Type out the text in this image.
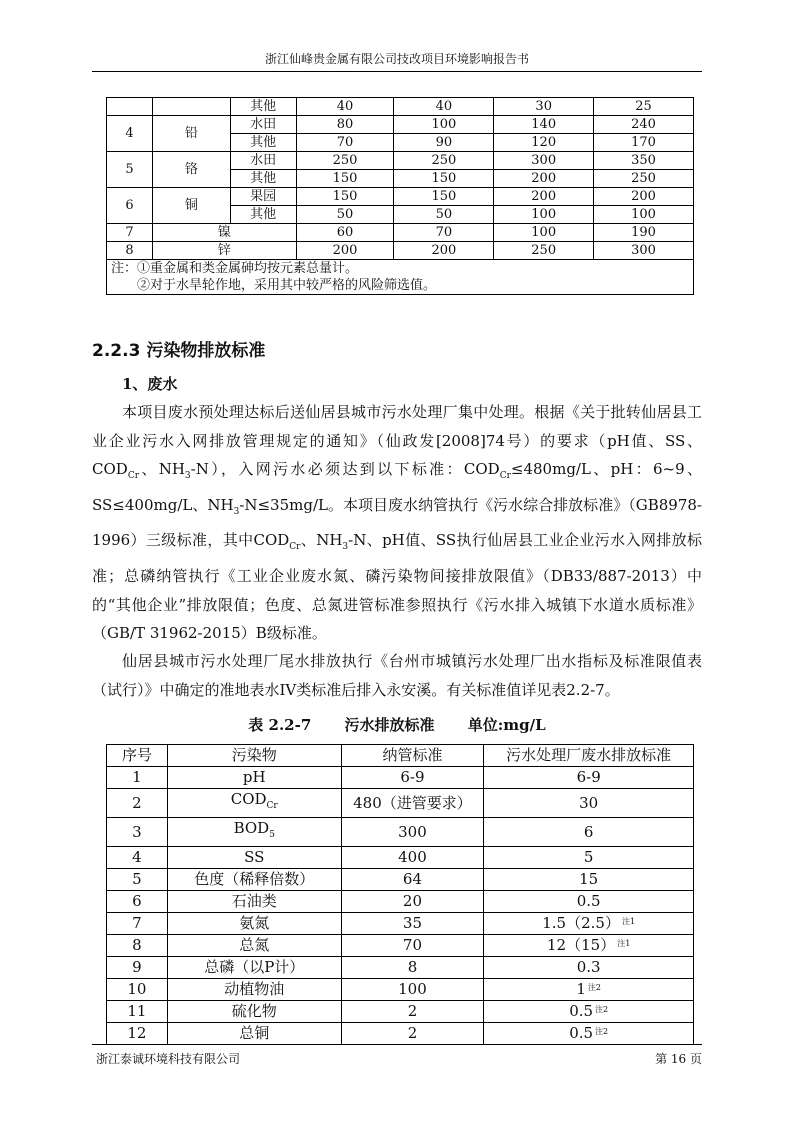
浙江仙峰贵金属有限公司技改项目环境影响报告书
		其他	40	40	30	25
4	铅	水田	80	100	140	240
		其他	70	90	120	170
5	铬	水田	250	250	300	350
		其他	150	150	200	250
6	铜	果园	150	150	200	200
		其他	50	50	100	100
7	镍		60	70	100	190
8	锌		200	200	250	300

注：①重金属和类金属砷均按元素总量计。
②对于水旱轮作地，采用其中较严格的风险筛选值。						
2.2.3 污染物排放标准
1、废水
本项目废水预处理达标后送仙居县城市污水处理厂集中处理。根据《关于批转仙居县工业企业污水入网排放管理规定的通知》（仙政发[2008]74号）的要求（pH值、SS、$COD_{Cr}$、$NH_3-N$），入网污水必须达到以下标准：$COD_{Cr}\le 480mg/L$、pH：6~9、SS≤400mg/L、$NH_3-N\le 35mg/L$。本项目废水纳管执行《污水综合排放标准》（GB8978-1996）三级标准，其中$COD_{Cr}$、$NH_3-N$、pH值、SS执行仙居县工业企业污水入网排放标准；总磷纳管执行《工业企业废水氮、磷污染物间接排放限值》（DB33/887-2013）中的“其他企业”排放限值；色度、总氮进管标准参照执行《污水排入城镇下水道水质标准》（GB/T 31962-2015）B级标准。
仙居县城市污水处理厂尾水排放执行《台州市城镇污水处理厂出水指标及标准限值表（试行）》中确定的准地表水IV类标准后排入永安溪。有关标准值详见表2.2-7。
表 2.2-7 污水排放标准 单位:mg/L
序号	污染物	纳管标准	污水处理厂废水排放标准
1	pH	6-9	6-9
2	$COD_{Cr}$	480（进管要求）	30
3	$BOD_5$	300	6
4	SS	400	5
5	色度（稀释倍数）	64	15
6	石油类	20	0.5
7	氨氮	35	1.5（2.5） $^{注1}$
8	总氮	70	12（15） $^{注1}$
9	总磷（以P计）	8	0.3
10	动植物油	100	1 $^{注2}$
11	硫化物	2	0.5 $^{注2}$
12	总铜	2	0.5 $^{注2}$
浙江泰诚环境科技有限公司	第 16 页
